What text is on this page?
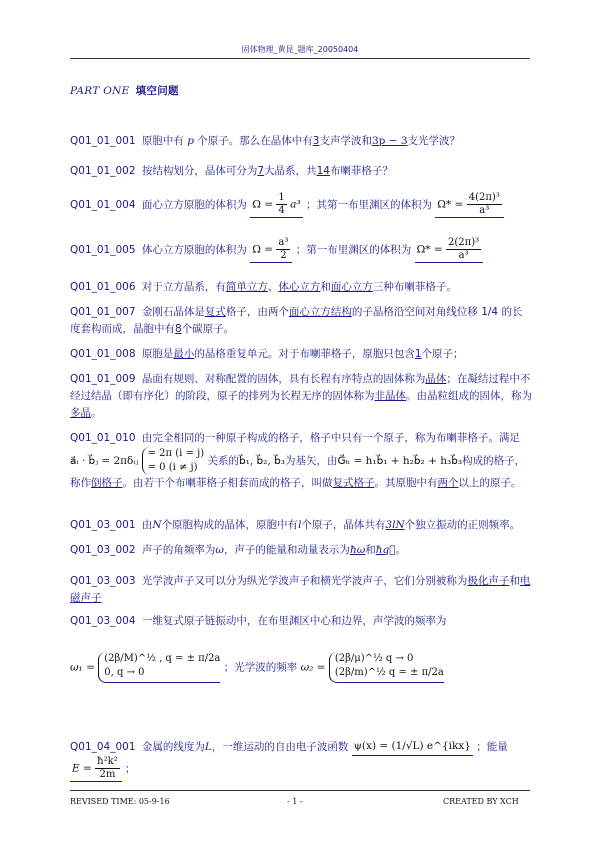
固体物理_黄昆_题库_20050404
PART ONE 填空问题
Q01_01_001 原胞中有 p 个原子。那么在晶体中有3支声学波和3p − 3支光学波？
Q01_01_002 按结构划分，晶体可分为7大晶系，共14布喇菲格子？
Q01_01_004 面心立方原胞的体积为 $\Omega = \frac{1}{4} a^3$ ；其第一布里渊区的体积为 $\Omega* = \frac{\text{4(2π)³}}{\text{a³}}$
Q01_01_005 体心立方原胞的体积为 $\Omega = \frac{\text{a³}}{2}$ ；第一布里渊区的体积为 $\Omega* = \frac{\text{2(2π)³}}{\text{a³}}$
Q01_01_006 对于立方晶系，有简单立方、体心立方和面心立方三种布喇菲格子。
Q01_01_007 金刚石晶体是复式格子，由两个面心立方结构的子晶格沿空间对角线位移 1/4 的长度套构而成，晶胞中有8个碳原子。
Q01_01_008 原胞是最小的晶格重复单元。对于布喇菲格子，原胞只包含1个原子；
Q01_01_009 晶面有规则、对称配置的固体，具有长程有序特点的固体称为晶体；在凝结过程中不经过结晶（即有序化）的阶段，原子的排列为长程无序的固体称为非晶体。由晶粒组成的固体，称为多晶。
Q01_01_010 由完全相同的一种原子构成的格子，格子中只有一个原子，称为布喇菲格子。满足
a⃗ᵢ · b⃗ⱼ = 2πδᵢⱼ = 2π (i = j)
= 0 (i ≠ j) 关系的b⃗₁, b⃗₂, b⃗₃为基矢，由G⃗ₕ = h₁b⃗₁ + h₂b⃗₂ + h₃b⃗₃构成的格子，称作倒格子。由若干个布喇菲格子相套而成的格子，叫做复式格子。其原胞中有两个以上的原子。
Q01_03_001 由N个原胞构成的晶体，原胞中有l个原子，晶体共有3lN个独立振动的正则频率。
Q01_03_002 声子的角频率为ω，声子的能量和动量表示为ħω和ħq⃗。
Q01_03_003 光学波声子又可以分为纵光学波声子和横光学波声子，它们分别被称为极化声子和电磁声子
Q01_03_004 一维复式原子链振动中，在布里渊区中心和边界，声学波的频率为
ω₁ = (2β/M)^½ , q = ± π/2a
0, q → 0	；光学波的频率 ω₂ = (2β/μ)^½ q → 0
(2β/m)^½ q = ± π/2a
Q01_04_001 金属的线度为L，一维运动的自由电子波函数 ψ(x) = (1/√L) e^{ikx} ；能量 $E = \frac{\text{ħ²k²}}{2m}$ ；
REVISED TIME: 05-9-16	- 1 -	CREATED BY XCH
